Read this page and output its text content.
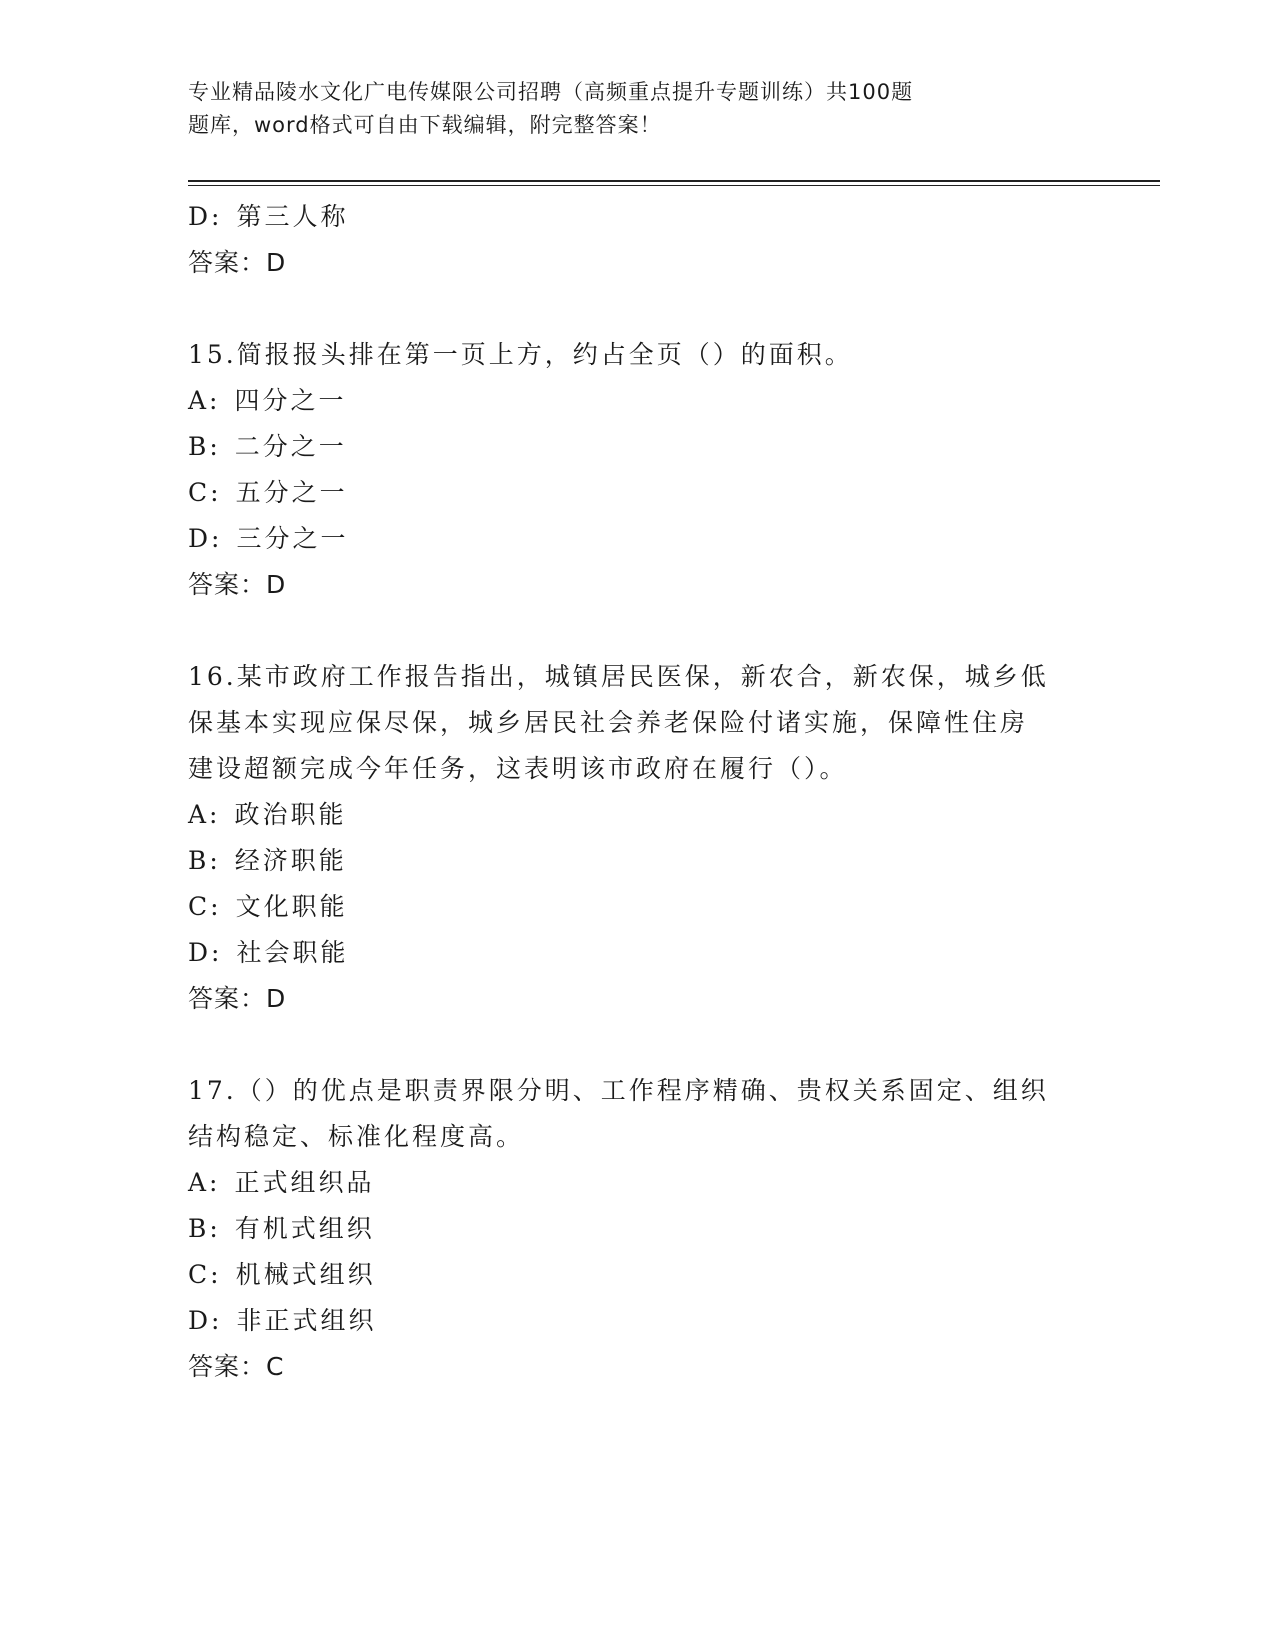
专业精品陵水文化广电传媒限公司招聘（高频重点提升专题训练）共100题
题库，word格式可自由下载编辑，附完整答案！
D: 第三人称
答案：D
15.简报报头排在第一页上方，约占全页（）的面积。
A: 四分之一
B: 二分之一
C: 五分之一
D: 三分之一
答案：D
16.某市政府工作报告指出，城镇居民医保，新农合，新农保，城乡低
保基本实现应保尽保，城乡居民社会养老保险付诸实施，保障性住房
建设超额完成今年任务，这表明该市政府在履行（）。
A: 政治职能
B: 经济职能
C: 文化职能
D: 社会职能
答案：D
17.（）的优点是职责界限分明、工作程序精确、贵权关系固定、组织
结构稳定、标准化程度高。
A: 正式组织品
B: 有机式组织
C: 机械式组织
D: 非正式组织
答案：C
